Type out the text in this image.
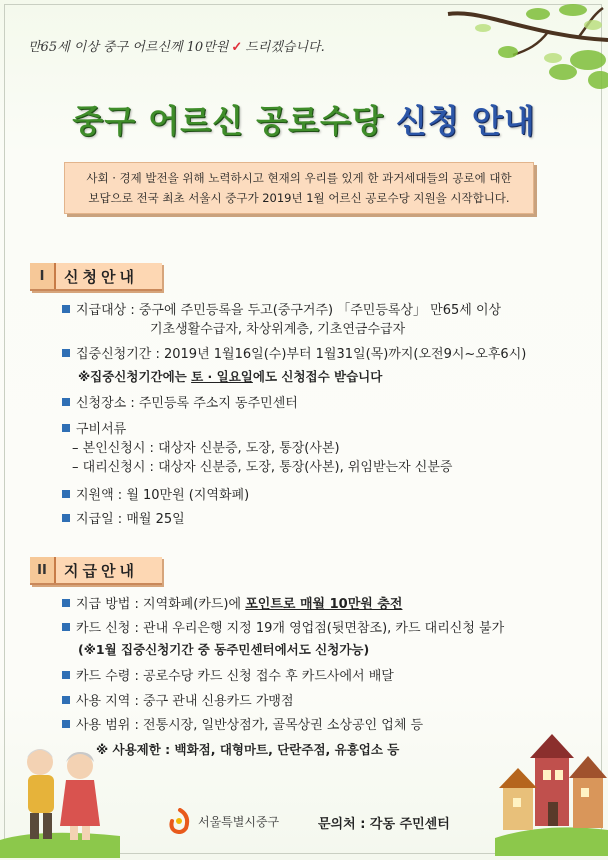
만65세 이상 중구 어르신께 10만원 ✓ 드리겠습니다.
중구 어르신 공로수당 신청 안내
사회 · 경제 발전을 위해 노력하시고 현재의 우리를 있게 한 과거세대들의 공로에 대한
보답으로 전국 최초 서울시 중구가 2019년 1월 어르신 공로수당 지원을 시작합니다.
I	신청안내
지급대상 : 중구에 주민등록을 두고(중구거주) 「주민등록상」 만65세 이상
기초생활수급자, 차상위계층, 기초연금수급자
집중신청기간 : 2019년 1월16일(수)부터 1월31일(목)까지(오전9시~오후6시)
※집중신청기간에는 토 · 일요일에도 신청접수 받습니다
신청장소 : 주민등록 주소지 동주민센터
구비서류
– 본인신청시 : 대상자 신분증, 도장, 통장(사본)
– 대리신청시 : 대상자 신분증, 도장, 통장(사본), 위임받는자 신분증
지원액 : 월 10만원 (지역화폐)
지급일 : 매월 25일
II	지급안내
지급 방법 : 지역화폐(카드)에 포인트로 매월 10만원 충전
카드 신청 : 관내 우리은행 지정 19개 영업점(뒷면참조), 카드 대리신청 불가
(※1월 집중신청기간 중 동주민센터에서도 신청가능)
카드 수령 : 공로수당 카드 신청 접수 후 카드사에서 배달
사용 지역 : 중구 관내 신용카드 가맹점
사용 범위 : 전통시장, 일반상점가, 골목상권 소상공인 업체 등
※ 사용제한 : 백화점, 대형마트, 단란주점, 유흥업소 등
서울특별시중구	문의처 : 각동 주민센터
